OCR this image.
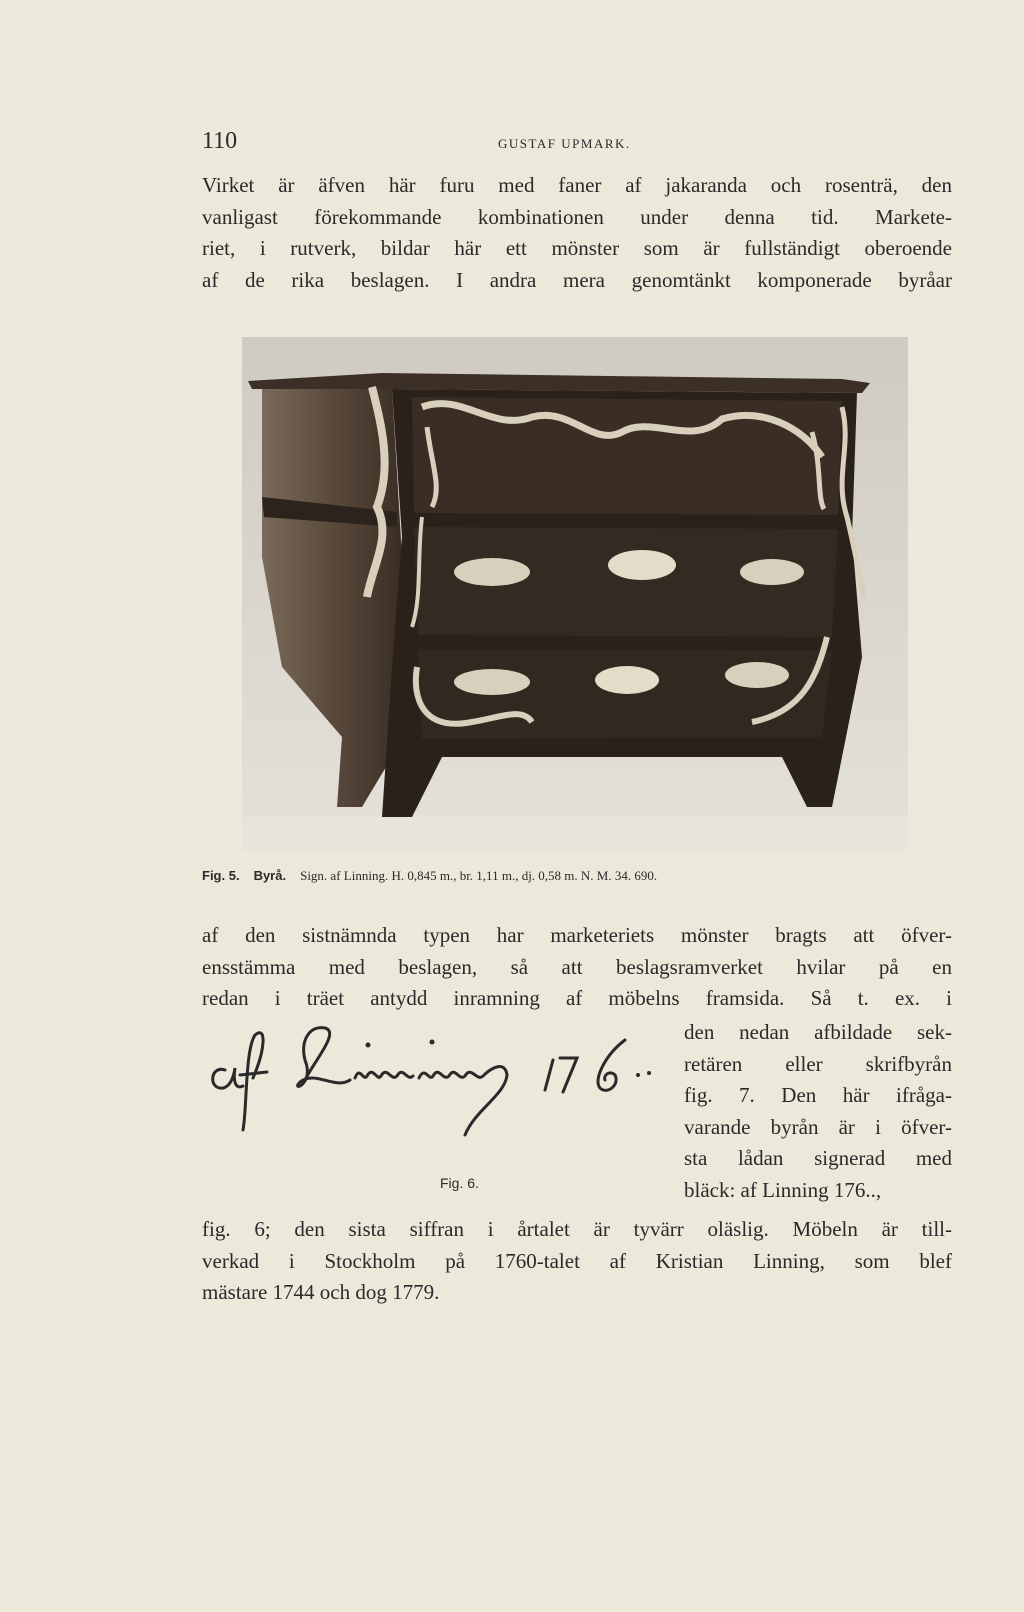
110	GUSTAF UPMARK.

Virket är äfven här furu med faner af jakaranda och rosenträ, den
vanligast förekommande kombinationen under denna tid. Markete-
riet, i rutverk, bildar här ett mönster som är fullständigt oberoende
af de rika beslagen. I andra mera genomtänkt komponerade byråar

Fig. 5. Byrå. Sign. af Linning. H. 0,845 m., br. 1,11 m., dj. 0,58 m. N. M. 34. 690.

af den sistnämnda typen har marketeriets mönster bragts att öfver-
ensstämma med beslagen, så att beslagsramverket hvilar på en
redan i träet antydd inramning af möbelns framsida. Så t. ex. i

Fig. 6.
den nedan afbildade sek-
retären eller skrifbyrån
fig. 7. Den här ifråga-
varande byrån är i öfver-
sta lådan signerad med
bläck: af Linning 176..,

fig. 6; den sista siffran i årtalet är tyvärr oläslig. Möbeln är till-
verkad i Stockholm på 1760-talet af Kristian Linning, som blef
mästare 1744 och dog 1779.
